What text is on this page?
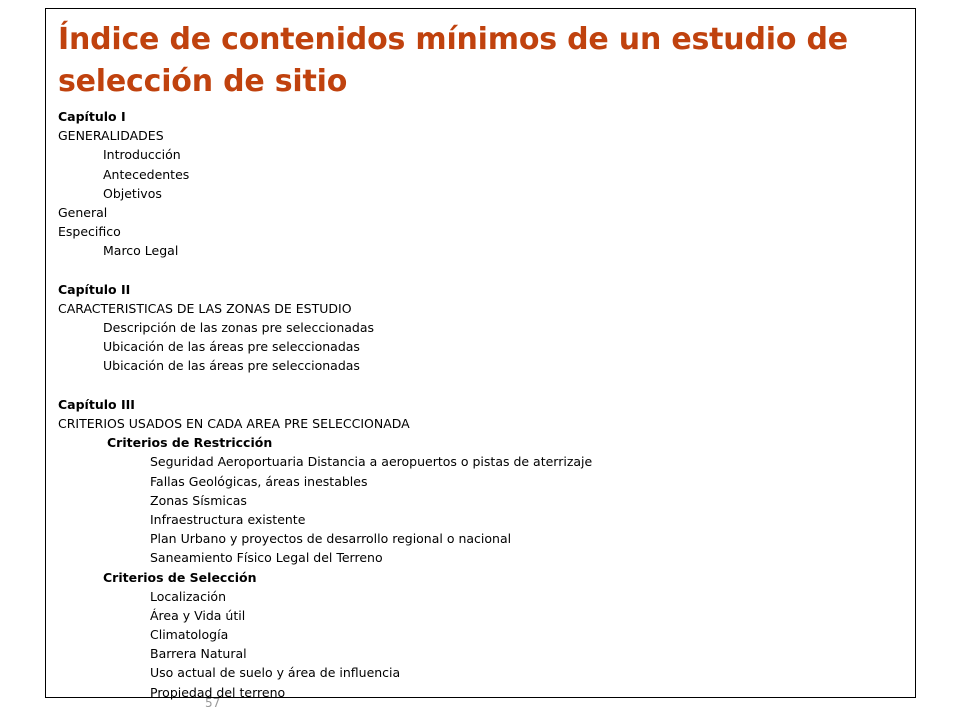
Índice de contenidos mínimos de un estudio de selección de sitio
Capítulo I
GENERALIDADES
Introducción
Antecedentes
Objetivos
General
Especifico
Marco Legal
Capítulo II
CARACTERISTICAS DE LAS ZONAS DE ESTUDIO
Descripción de las zonas pre seleccionadas
Ubicación de las áreas pre seleccionadas
Ubicación de las áreas pre seleccionadas
Capítulo III
CRITERIOS USADOS EN CADA AREA PRE SELECCIONADA
Criterios de Restricción
Seguridad Aeroportuaria Distancia a aeropuertos o pistas de aterrizaje
Fallas Geológicas, áreas inestables
Zonas Sísmicas
Infraestructura existente
Plan Urbano y proyectos de desarrollo regional o nacional
Saneamiento Físico Legal del Terreno
Criterios de Selección
Localización
Área y Vida útil
Climatología
Barrera Natural
Uso actual de suelo y área de influencia
Propiedad del terreno
57
